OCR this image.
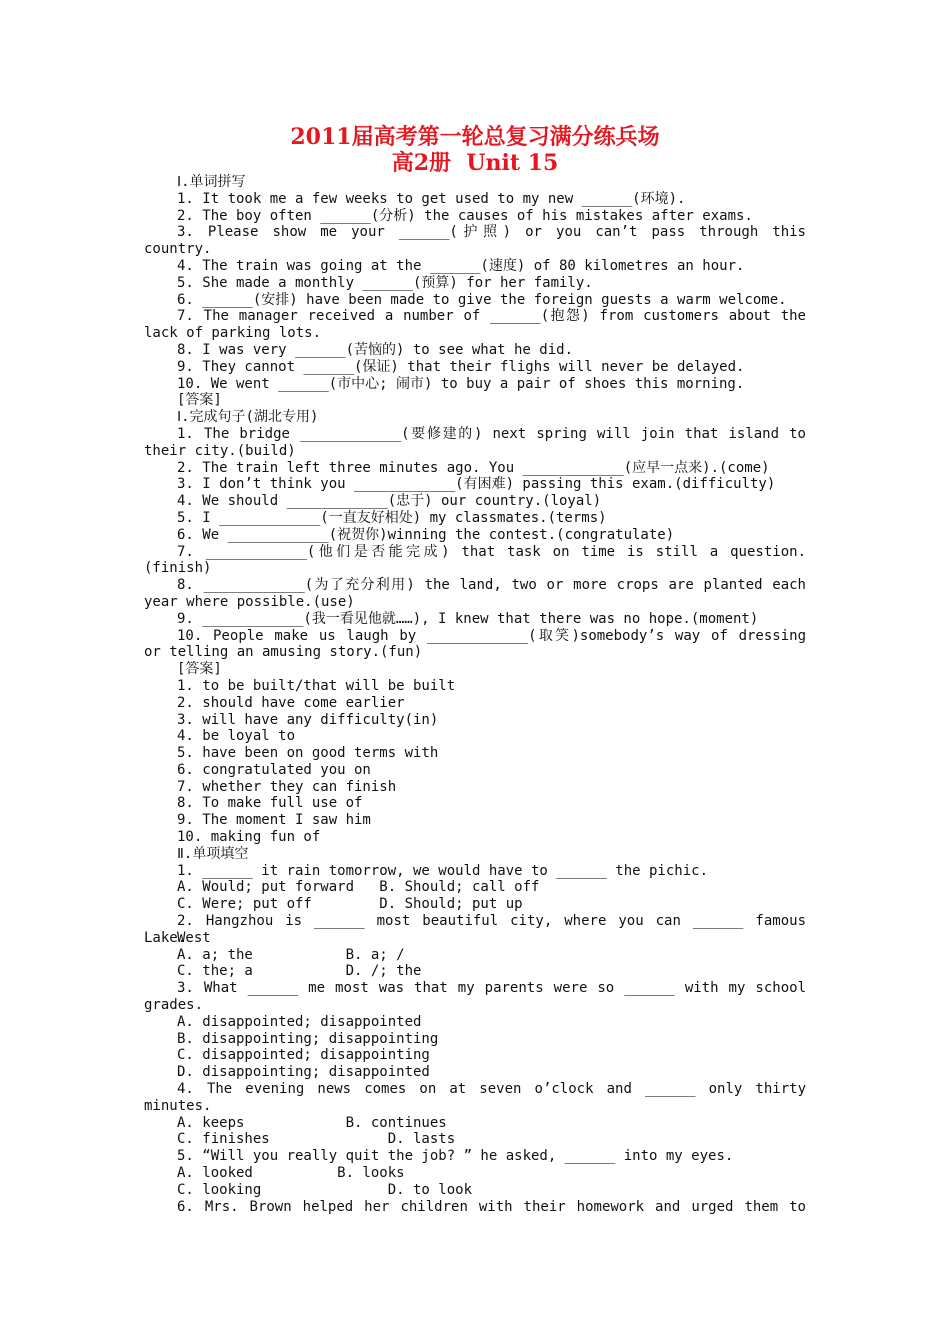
2011届高考第一轮总复习满分练兵场
高2册  Unit 15
Ⅰ.单词拼写
1. It took me a few weeks to get used to my new ______(环境).
2. The boy often ______(分析) the causes of his mistakes after exams.
3. Please show me your ______(护照) or you can’t pass through this
country.
4. The train was going at the ______(速度) of 80 kilometres an hour.
5. She made a monthly ______(预算) for her family.
6. ______(安排) have been made to give the foreign guests a warm welcome.
7. The manager received a number of ______(抱怨) from customers about the
lack of parking lots.
8. I was very ______(苦恼的) to see what he did.
9. They cannot ______(保证) that their flighs will never be delayed.
10. We went ______(市中心; 闹市) to buy a pair of shoes this morning.
[答案]
Ⅰ.完成句子(湖北专用)
1. The bridge ____________(要修建的) next spring will join that island to
their city.(build)
2. The train left three minutes ago. You ____________(应早一点来).(come)
3. I don’t think you ____________(有困难) passing this exam.(difficulty)
4. We should ____________(忠于) our country.(loyal)
5. I ____________(一直友好相处) my classmates.(terms)
6. We ____________(祝贺你)winning the contest.(congratulate)
7. ____________(他们是否能完成) that task on time is still a question.
(finish)
8. ____________(为了充分利用) the land, two or more crops are planted each
year where possible.(use)
9. ____________(我一看见他就……), I knew that there was no hope.(moment)
10. People make us laugh by ____________(取笑)somebody’s way of dressing
or telling an amusing story.(fun)
[答案]
1. to be built/that will be built
2. should have come earlier
3. will have any difficulty(in)
4. be loyal to
5. have been on good terms with
6. congratulated you on
7. whether they can finish
8. To make full use of
9. The moment I saw him
10. making fun of
Ⅱ.单项填空
1. ______ it rain tomorrow, we would have to ______ the pichic.
A. Would; put forward   B. Should; call off
C. Were; put off        D. Should; put up
2. Hangzhou is ______ most beautiful city, where you can ______ famous West
Lake.
A. a; the           B. a; /
C. the; a           D. /; the
3. What ______ me most was that my parents were so ______ with my school
grades.
A. disappointed; disappointed
B. disappointing; disappointing
C. disappointed; disappointing
D. disappointing; disappointed
4. The evening news comes on at seven o’clock and ______ only thirty
minutes.
A. keeps            B. continues
C. finishes              D. lasts
5. “Will you really quit the job? ” he asked, ______ into my eyes.
A. looked          B. looks
C. looking               D. to look
6. Mrs. Brown helped her children with their homework and urged them to
